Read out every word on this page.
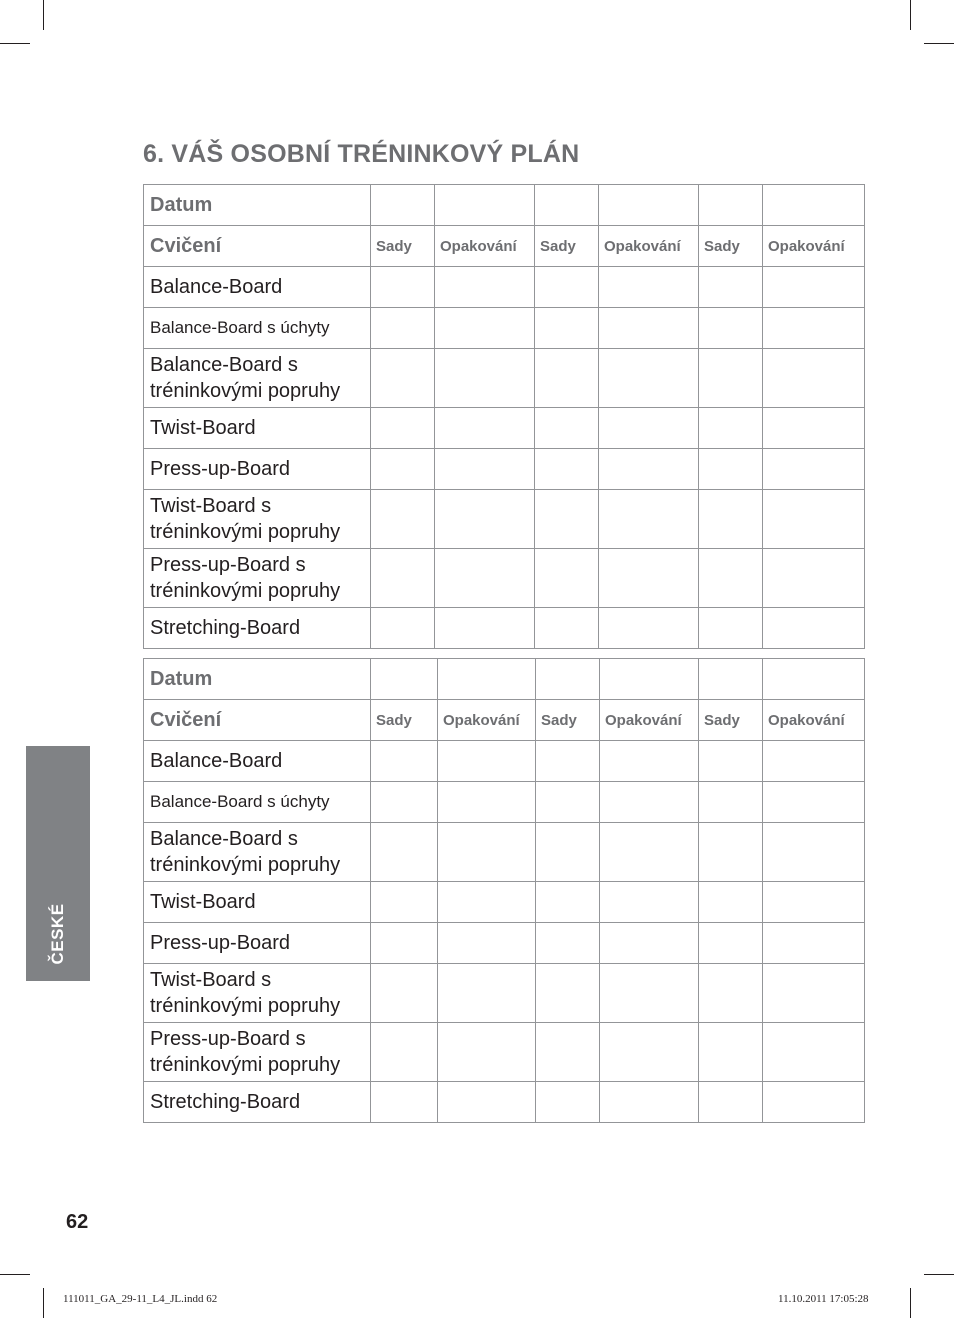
6. VÁŠ OSOBNÍ TRÉNINKOVÝ PLÁN
Datum						
Cvičení	Sady	Opakování	Sady	Opakování	Sady	Opakování
Balance-Board						
Balance-Board s úchyty						
Balance-Board s tréninkovými popruhy						
Twist-Board						
Press-up-Board						
Twist-Board s tréninkovými popruhy						
Press-up-Board s tréninkovými popruhy						
Stretching-Board						
Datum						
Cvičení	Sady	Opakování	Sady	Opakování	Sady	Opakování
Balance-Board						
Balance-Board s úchyty						
Balance-Board s tréninkovými popruhy						
Twist-Board						
Press-up-Board						
Twist-Board s tréninkovými popruhy						
Press-up-Board s tréninkovými popruhy						
Stretching-Board						
ČESKÉ
62
111011_GA_29-11_L4_JL.indd 62	11.10.2011 17:05:28
